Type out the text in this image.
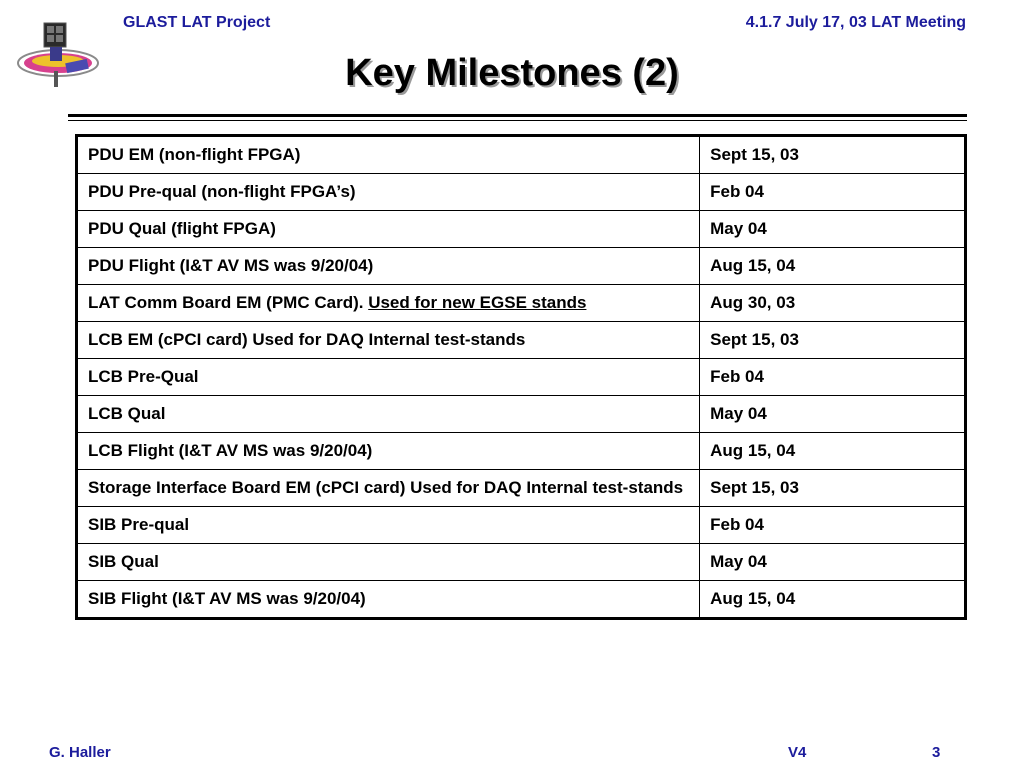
GLAST LAT Project	4.1.7 July 17, 03 LAT Meeting
Key Milestones (2)
PDU EM (non-flight FPGA)	Sept 15, 03
PDU Pre-qual (non-flight FPGA’s)	Feb 04
PDU Qual (flight FPGA)	May 04
PDU Flight (I&T AV MS was 9/20/04)	Aug 15, 04
LAT Comm Board EM (PMC Card). Used for new EGSE stands	Aug 30, 03
LCB EM (cPCI card) Used for DAQ Internal test-stands	Sept 15, 03
LCB Pre-Qual	Feb 04
LCB Qual	May 04
LCB Flight (I&T AV MS was 9/20/04)	Aug 15, 04
Storage Interface Board EM (cPCI card) Used for DAQ Internal test-stands	Sept 15, 03
SIB Pre-qual	Feb 04
SIB Qual	May 04
SIB Flight (I&T AV MS was 9/20/04)	Aug 15, 04
G. Haller	V4	3
